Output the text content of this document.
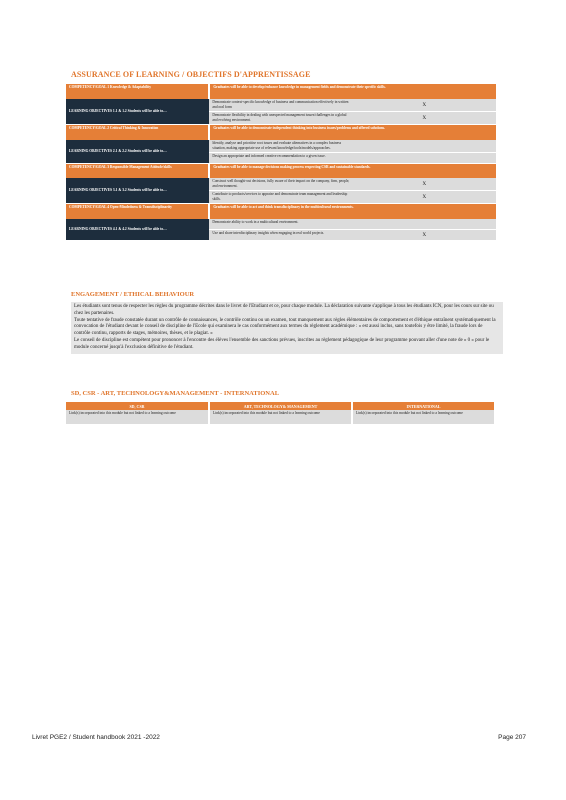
ASSURANCE OF LEARNING / OBJECTIFS D'APPRENTISSAGE
COMPETENCY/GOAL 1 Knowledge & Adaptability	Graduates will be able to develop/enhance knowledge in management fields and demonstrate their specific skills.	
LEARNING OBJECTIVES 1.1 & 1.2 Students will be able to…	Demonstrate context-specific knowledge of business and communication effectively in written and oral form	X
	Demonstrate flexibility in dealing with unexpected management issues/challenges in a global and evolving environment.	X
COMPETENCY/GOAL 2 Critical Thinking & Innovation	Graduates will be able to demonstrate independent thinking into business issues/problems and offered solutions.	
LEARNING OBJECTIVES 2.1 & 2.2 Students will be able to…	Identify, analyse and prioritise root issues and evaluate alternatives in a complex business situation, making appropriate use of relevant knowledge/tools/models/approaches.	
	Design an appropriate and informed creative recommendation to a given issue.	
COMPETENCY/GOAL 3 Responsible Management Attitude/skills	Graduates will be able to manage decisions making process respecting CSR and sustainable standards.	
LEARNING OBJECTIVES 3.1 & 3.2 Students will be able to…	Construct well thought-out decisions, fully aware of their impact on the company, firm, people, and environment.	X
	Contribute to products/services to appraise and demonstrate team management and leadership skills.	X
COMPETENCY/GOAL 4 Open-Mindedness & Transdisciplinarity	Graduates will be able to act and think transdisciplinary in the multicultural environments.	
LEARNING OBJECTIVES 4.1 & 4.2 Students will be able to…	Demonstrate ability to work in a multicultural environment.	
	Use and share interdisciplinary insights when engaging in real world projects.	X
ENGAGEMENT / ETHICAL BEHAVIOUR

Les étudiants sont tenus de respecter les règles du programme décrites dans le livret de l'Etudiant et ce, pour chaque module. La déclaration suivante s'applique à tous les étudiants ICN, pour les cours sur site ou chez les partenaires.

Toute tentative de fraude constatée durant un contrôle de connaissances, le contrôle continu ou un examen, tout manquement aux règles élémentaires de comportement et d'éthique entraînent systématiquement la convocation de l'étudiant devant le conseil de discipline de l'Ecole qui examinera le cas conformément aux termes du règlement académique : « est aussi inclus, sans toutefois y être limité, la fraude lors de contrôle continu, rapports de stages, mémoires, thèses, et le plagiat. »

Le conseil de discipline est compétent pour prononcer à l'encontre des élèves l'ensemble des sanctions prévues, inscrites au règlement pédagogique de leur programme pouvant aller d'une note de « 0 » pour le module concerné jusqu'à l'exclusion définitive de l'étudiant.

SD, CSR - ART, TECHNOLOGY&MANAGEMENT - INTERNATIONAL
SD, CSR	ART, TECHNOLOGY& MANAGEMENT	INTERNATIONAL
Link(s) incorporated into this module but not linked to a learning outcome	Link(s) incorporated into this module but not linked to a learning outcome	Link(s) incorporated into this module but not linked to a learning outcome
Livret PGE2 / Student handbook 2021 -2022	Page 207
